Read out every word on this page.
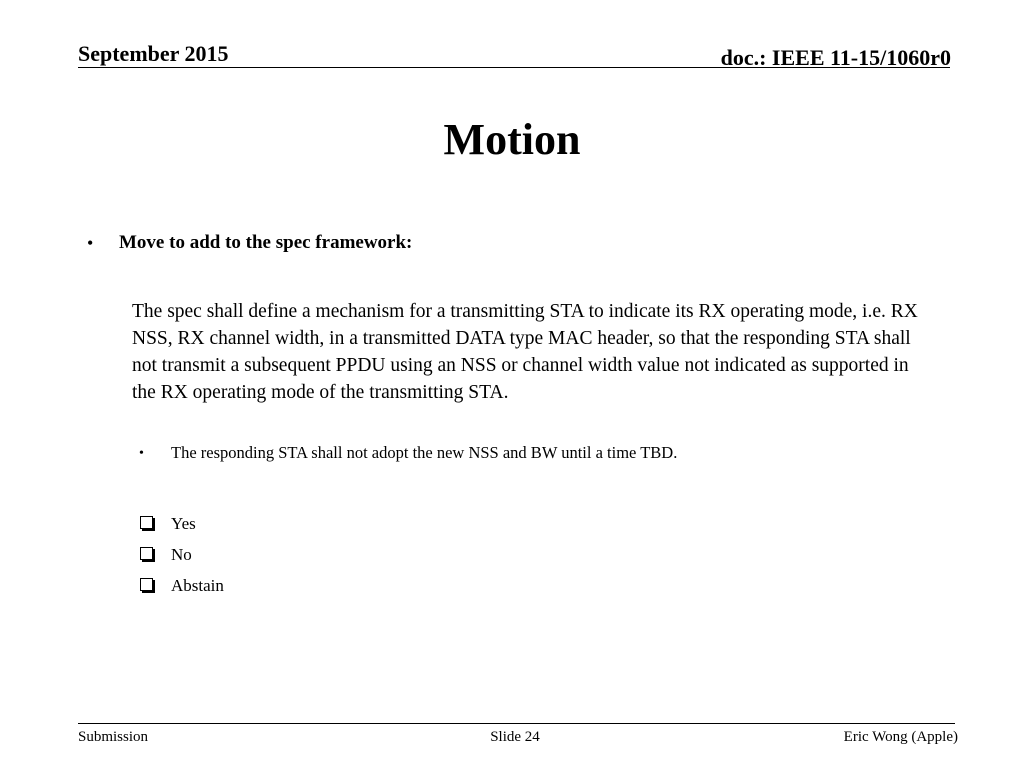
September 2015	doc.: IEEE 11-15/1060r0
Motion
• Move to add to the spec framework:
The spec shall define a mechanism for a transmitting STA to indicate its RX operating mode, i.e. RX NSS, RX channel width, in a transmitted DATA type MAC header, so that the responding STA shall not transmit a subsequent PPDU using an NSS or channel width value not indicated as supported in the RX operating mode of the transmitting STA.
• The responding STA shall not adopt the new NSS and BW until a time TBD.
Yes
No
Abstain
Submission	Slide 24	Eric Wong (Apple)
